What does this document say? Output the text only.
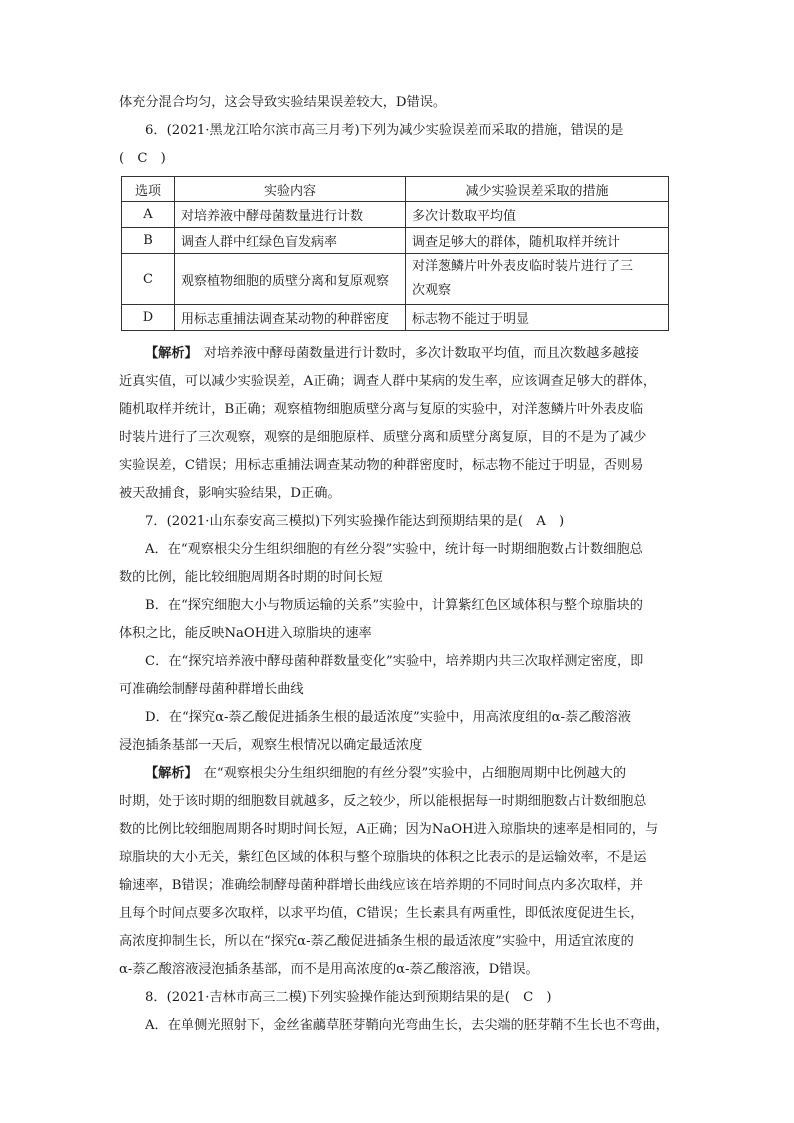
体充分混合均匀，这会导致实验结果误差较大，D错误。
6．(2021·黑龙江哈尔滨市高三月考)下列为减少实验误差而采取的措施，错误的是
(　C　)
选项	实验内容	减少实验误差采取的措施
A	对培养液中酵母菌数量进行计数	多次计数取平均值
B	调查人群中红绿色盲发病率	调查足够大的群体，随机取样并统计
C	观察植物细胞的质壁分离和复原观察	对洋葱鳞片叶外表皮临时装片进行了三
次观察

D	用标志重捕法调查某动物的种群密度	标志物不能过于明显
【解析】 对培养液中酵母菌数量进行计数时，多次计数取平均值，而且次数越多越接
近真实值，可以减少实验误差，A正确；调查人群中某病的发生率，应该调查足够大的群体，
随机取样并统计，B正确；观察植物细胞质壁分离与复原的实验中，对洋葱鳞片叶外表皮临
时装片进行了三次观察，观察的是细胞原样、质壁分离和质壁分离复原，目的不是为了减少
实验误差，C错误；用标志重捕法调查某动物的种群密度时，标志物不能过于明显，否则易
被天敌捕食，影响实验结果，D正确。
7．(2021·山东泰安高三模拟)下列实验操作能达到预期结果的是(　A　)
A．在“观察根尖分生组织细胞的有丝分裂”实验中，统计每一时期细胞数占计数细胞总
数的比例，能比较细胞周期各时期的时间长短
B．在“探究细胞大小与物质运输的关系”实验中，计算紫红色区域体积与整个琼脂块的
体积之比，能反映NaOH进入琼脂块的速率
C．在“探究培养液中酵母菌种群数量变化”实验中，培养期内共三次取样测定密度，即
可准确绘制酵母菌种群增长曲线
D．在“探究α-萘乙酸促进插条生根的最适浓度”实验中，用高浓度组的α-萘乙酸溶液
浸泡插条基部一天后，观察生根情况以确定最适浓度
【解析】 在“观察根尖分生组织细胞的有丝分裂”实验中，占细胞周期中比例越大的
时期，处于该时期的细胞数目就越多，反之较少，所以能根据每一时期细胞数占计数细胞总
数的比例比较细胞周期各时期时间长短，A正确；因为NaOH进入琼脂块的速率是相同的，与
琼脂块的大小无关，紫红色区域的体积与整个琼脂块的体积之比表示的是运输效率，不是运
输速率，B错误；准确绘制酵母菌种群增长曲线应该在培养期的不同时间点内多次取样，并
且每个时间点要多次取样，以求平均值，C错误；生长素具有两重性，即低浓度促进生长，
高浓度抑制生长，所以在“探究α-萘乙酸促进插条生根的最适浓度”实验中，用适宜浓度的
α-萘乙酸溶液浸泡插条基部，而不是用高浓度的α-萘乙酸溶液，D错误。
8．(2021·吉林市高三二模)下列实验操作能达到预期结果的是(　C　)
A．在单侧光照射下，金丝雀虉草胚芽鞘向光弯曲生长，去尖端的胚芽鞘不生长也不弯曲，
